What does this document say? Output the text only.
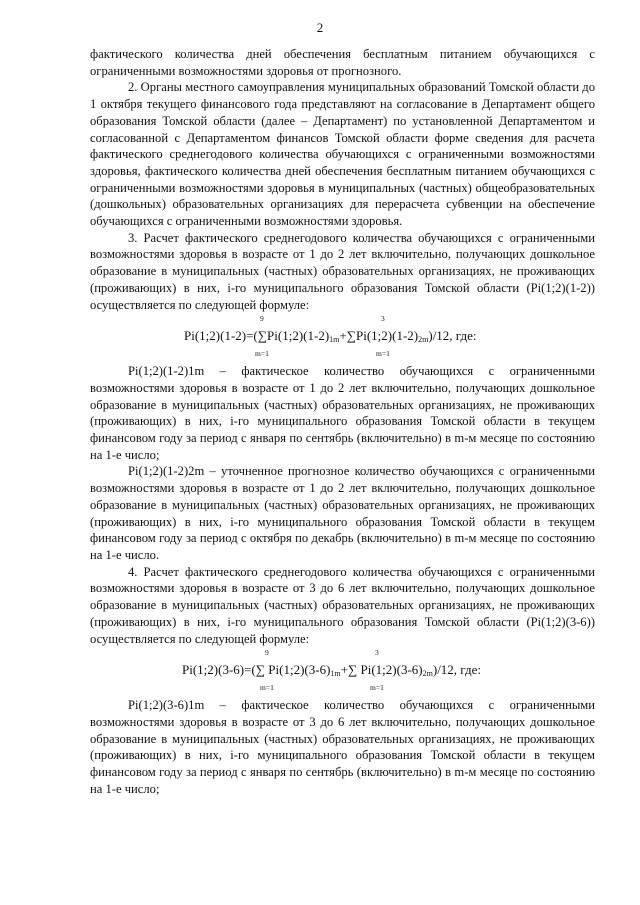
2

фактического количества дней обеспечения бесплатным питанием обучающихся с ограниченными возможностями здоровья от прогнозного.

2. Органы местного самоуправления муниципальных образований Томской области до 1 октября текущего финансового года представляют на согласование в Департамент общего образования Томской области (далее – Департамент) по установленной Департаментом и согласованной с Департаментом финансов Томской области форме сведения для расчета фактического среднегодового количества обучающихся с ограниченными возможностями здоровья, фактического количества дней обеспечения бесплатным питанием обучающихся с ограниченными возможностями здоровья в муниципальных (частных) общеобразовательных (дошкольных) образовательных организациях для перерасчета субвенции на обеспечение обучающихся с ограниченными возможностями здоровья.

3. Расчет фактического среднегодового количества обучающихся с ограниченными возможностями здоровья в возрасте от 1 до 2 лет включительно, получающих дошкольное образование в муниципальных (частных) образовательных организациях, не проживающих (проживающих) в них, i-го муниципального образования Томской области (Pi(1;2)(1-2)) осуществляется по следующей формуле:

$Pi(1;2)(1-2)=(\sum Pi(1;2)(1-2)_{1m}+\sum Pi(1;2)(1-2)_{2m})/12$, где:
9
m=1
3
m=1

Pi(1;2)(1-2)1m – фактическое количество обучающихся с ограниченными возможностями здоровья в возрасте от 1 до 2 лет включительно, получающих дошкольное образование в муниципальных (частных) образовательных организациях, не проживающих (проживающих) в них, i-го муниципального образования Томской области в текущем финансовом году за период с января по сентябрь (включительно) в m-м месяце по состоянию на 1-е число;

Pi(1;2)(1-2)2m – уточненное прогнозное количество обучающихся с ограниченными возможностями здоровья в возрасте от 1 до 2 лет включительно, получающих дошкольное образование в муниципальных (частных) образовательных организациях, не проживающих (проживающих) в них, i-го муниципального образования Томской области в текущем финансовом году за период с октября по декабрь (включительно) в m-м месяце по состоянию на 1-е число.

4. Расчет фактического среднегодового количества обучающихся с ограниченными возможностями здоровья в возрасте от 3 до 6 лет включительно, получающих дошкольное образование в муниципальных (частных) образовательных организациях, не проживающих (проживающих) в них, i-го муниципального образования Томской области (Pi(1;2)(3-6)) осуществляется по следующей формуле:

Pi(1;2)(3-6)=(∑ $Pi(1;2)(3-6)_{1m}+\sum$ $Pi(1;2)(3-6)_{2m})/12$, где:
9
m=1
3
m=1

Pi(1;2)(3-6)1m – фактическое количество обучающихся с ограниченными возможностями здоровья в возрасте от 3 до 6 лет включительно, получающих дошкольное образование в муниципальных (частных) образовательных организациях, не проживающих (проживающих) в них, i-го муниципального образования Томской области в текущем финансовом году за период с января по сентябрь (включительно) в m-м месяце по состоянию на 1-е число;
